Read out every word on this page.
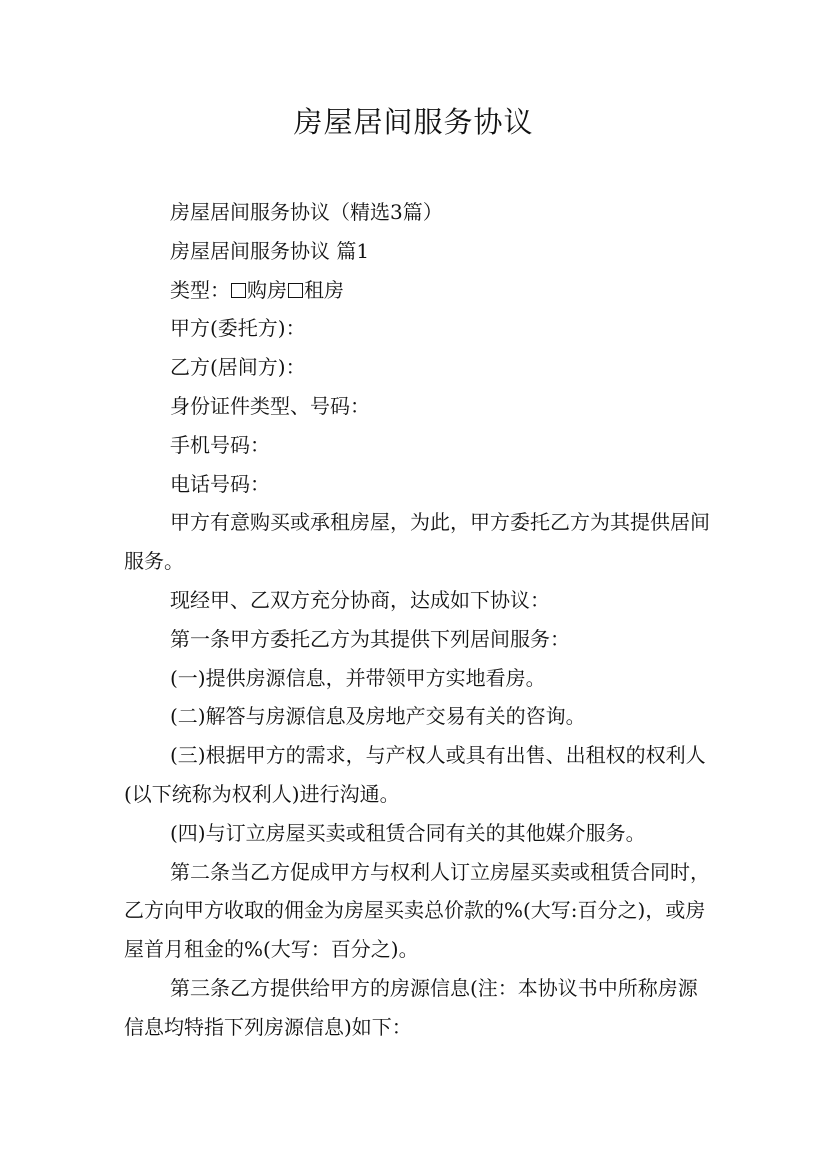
房屋居间服务协议

房屋居间服务协议（精选3篇）

房屋居间服务协议 篇1

类型： 购房 租房

甲方(委托方)：

乙方(居间方)：

身份证件类型、号码：

手机号码：

电话号码：

甲方有意购买或承租房屋，为此，甲方委托乙方为其提供居间服务。

现经甲、乙双方充分协商，达成如下协议：

第一条甲方委托乙方为其提供下列居间服务：

(一)提供房源信息，并带领甲方实地看房。

(二)解答与房源信息及房地产交易有关的咨询。

(三)根据甲方的需求，与产权人或具有出售、出租权的权利人(以下统称为权利人)进行沟通。

(四)与订立房屋买卖或租赁合同有关的其他媒介服务。

第二条当乙方促成甲方与权利人订立房屋买卖或租赁合同时，乙方向甲方收取的佣金为房屋买卖总价款的%(大写:百分之)，或房屋首月租金的%(大写：百分之)。

第三条乙方提供给甲方的房源信息(注：本协议书中所称房源信息均特指下列房源信息)如下：
